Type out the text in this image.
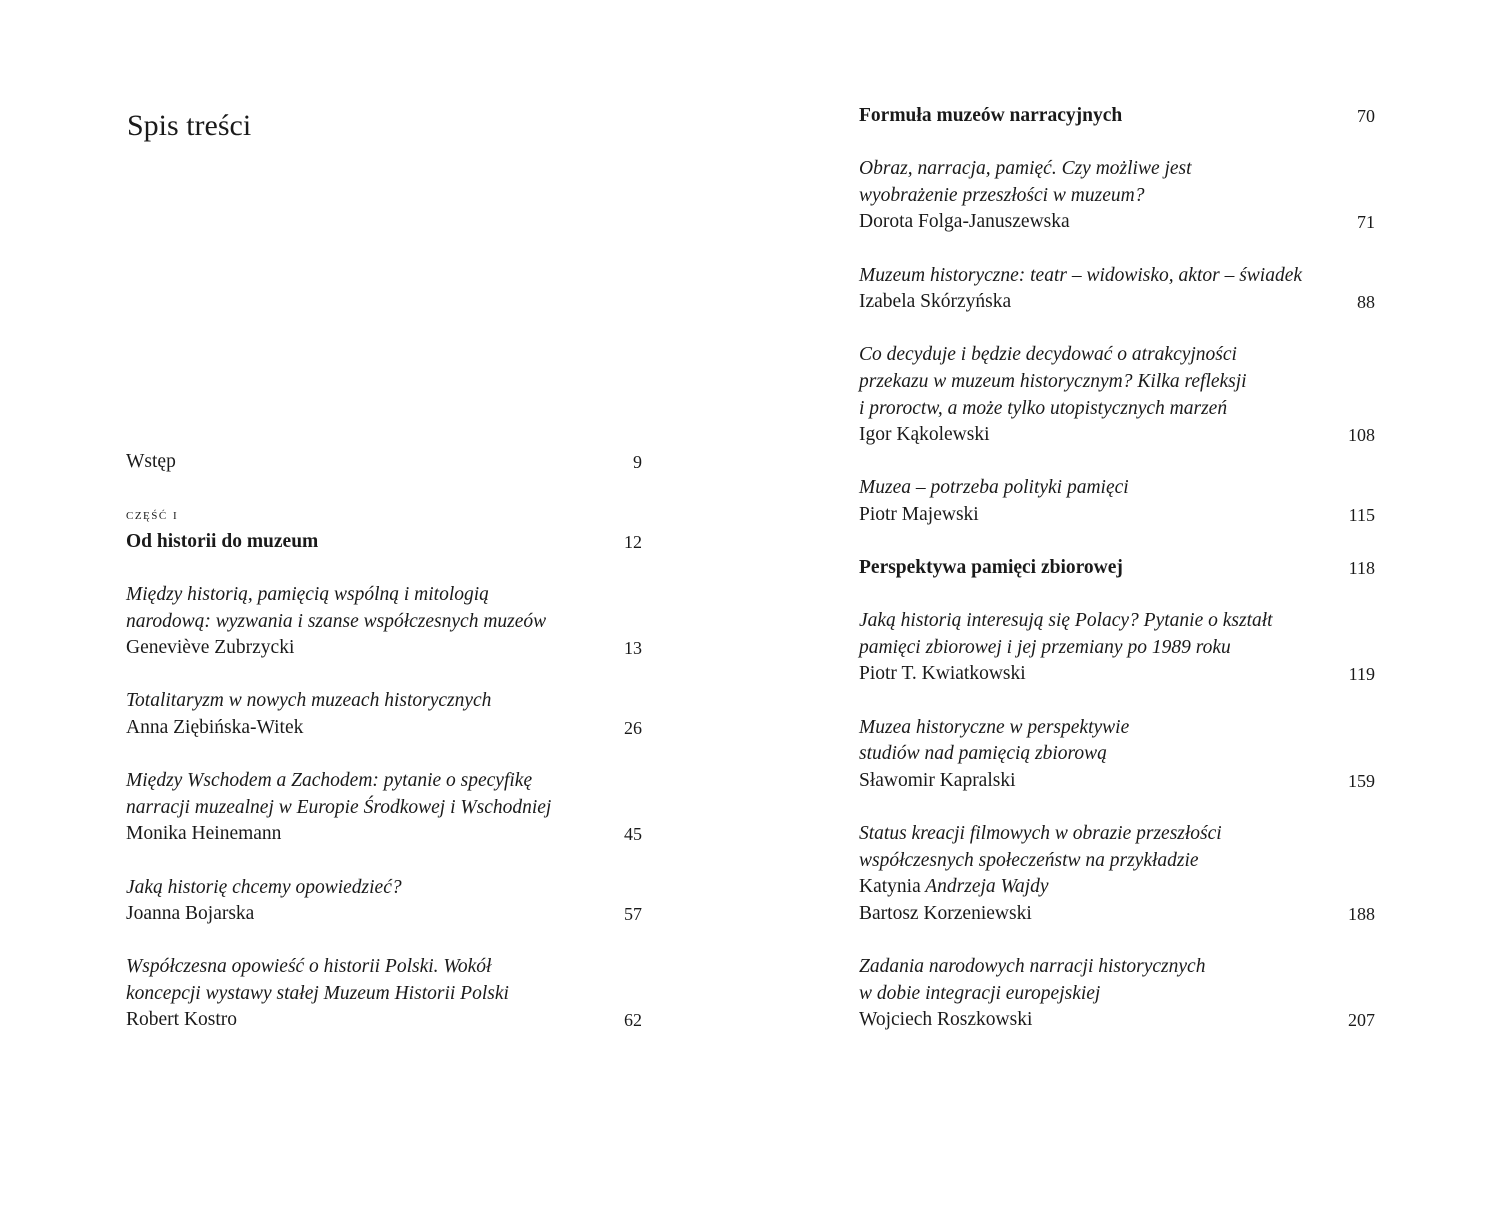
Spis treści
Wstęp	9
część i
Od historii do muzeum	12
Między historią, pamięcią wspólną i mitologią
narodową: wyzwania i szanse współczesnych muzeów
Geneviève Zubrzycki	13
Totalitaryzm w nowych muzeach historycznych
Anna Ziębińska-Witek	26
Między Wschodem a Zachodem: pytanie o specyfikę
narracji muzealnej w Europie Środkowej i Wschodniej
Monika Heinemann	45
Jaką historię chcemy opowiedzieć?
Joanna Bojarska	57
Współczesna opowieść o historii Polski. Wokół
koncepcji wystawy stałej Muzeum Historii Polski
Robert Kostro	62
Formuła muzeów narracyjnych	70
Obraz, narracja, pamięć. Czy możliwe jest
wyobrażenie przeszłości w muzeum?
Dorota Folga-Januszewska	71
Muzeum historyczne: teatr – widowisko, aktor – świadek
Izabela Skórzyńska	88
Co decyduje i będzie decydować o atrakcyjności
przekazu w muzeum historycznym? Kilka refleksji
i proroctw, a może tylko utopistycznych marzeń
Igor Kąkolewski	108
Muzea – potrzeba polityki pamięci
Piotr Majewski	115
Perspektywa pamięci zbiorowej	118
Jaką historią interesują się Polacy? Pytanie o kształt
pamięci zbiorowej i jej przemiany po 1989 roku
Piotr T. Kwiatkowski	119
Muzea historyczne w perspektywie
studiów nad pamięcią zbiorową
Sławomir Kapralski	159
Status kreacji filmowych w obrazie przeszłości
współczesnych społeczeństw na przykładzie
Katynia Andrzeja Wajdy
Bartosz Korzeniewski	188
Zadania narodowych narracji historycznych
w dobie integracji europejskiej
Wojciech Roszkowski	207
